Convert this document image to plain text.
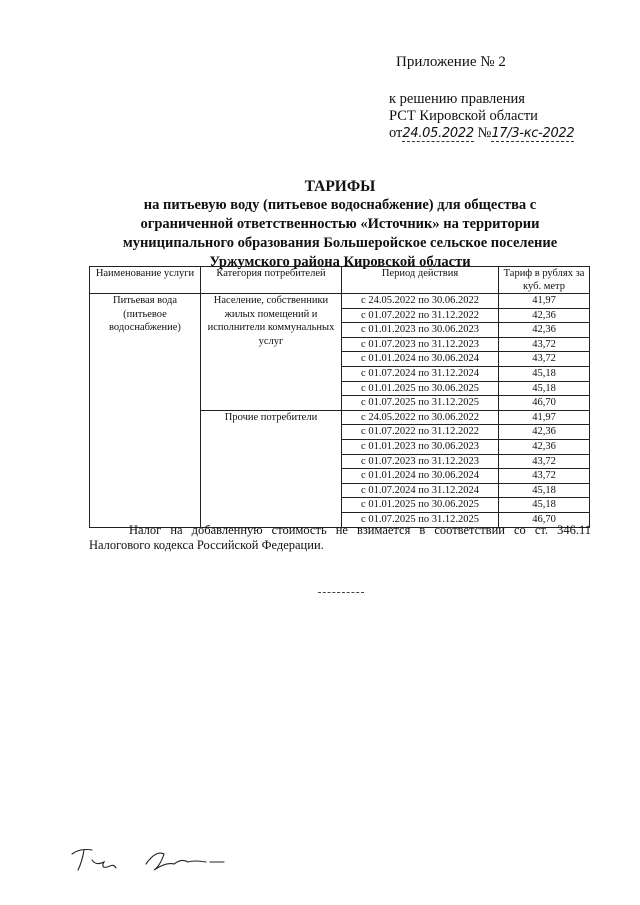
Приложение № 2
к решению правления
РСТ Кировской области
от24.05.2022 №17/3-кс-2022
ТАРИФЫ
на питьевую воду (питьевое водоснабжение) для общества с
ограниченной ответственностью «Источник» на территории
муниципального образования Большеройское сельское поселение
Уржумского района Кировской области
Наименование услуги	Категория потребителей	Период действия	Тариф в рублях за куб. метр
Питьевая вода (питьевое водоснабжение)	Население, собственники жилых помещений и исполнители коммунальных услуг	с 24.05.2022 по 30.06.2022	41,97
		с 01.07.2022 по 31.12.2022	42,36
		с 01.01.2023 по 30.06.2023	42,36
		с 01.07.2023 по 31.12.2023	43,72
		с 01.01.2024 по 30.06.2024	43,72
		с 01.07.2024 по 31.12.2024	45,18
		с 01.01.2025 по 30.06.2025	45,18
		с 01.07.2025 по 31.12.2025	46,70
	Прочие потребители	с 24.05.2022 по 30.06.2022	41,97
		с 01.07.2022 по 31.12.2022	42,36
		с 01.01.2023 по 30.06.2023	42,36
		с 01.07.2023 по 31.12.2023	43,72
		с 01.01.2024 по 30.06.2024	43,72
		с 01.07.2024 по 31.12.2024	45,18
		с 01.01.2025 по 30.06.2025	45,18
		с 01.07.2025 по 31.12.2025	46,70
Налог на добавленную стоимость не взимается в соответствии со ст. 346.11
Налогового кодекса Российской Федерации.
